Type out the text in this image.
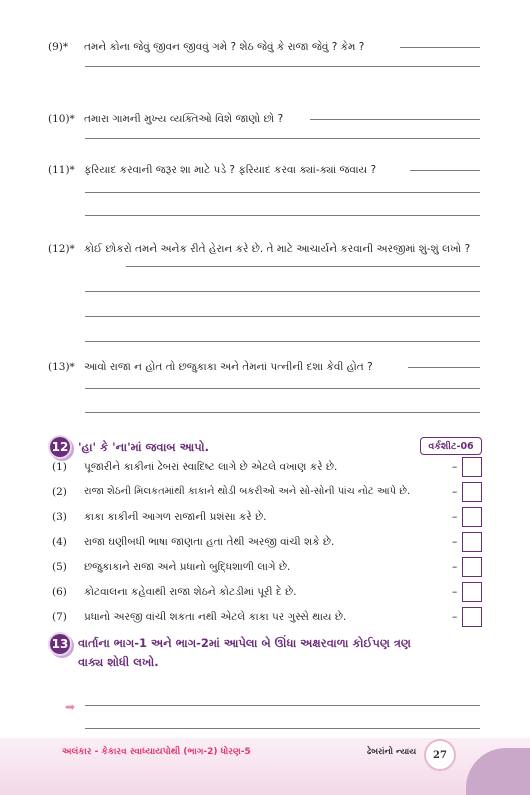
(9)* તમને કોના જેવું જીવન જીવવું ગમે ? શેઠ જેવું કે રાજા જેવું ? કેમ ?
(10)* તમારા ગામની મુખ્ય વ્યક્તિઓ વિશે જાણો છો ?
(11)* ફરિયાદ કરવાની જરૂર શા માટે પડે ? ફરિયાદ કરવા ક્યાં-ક્યાં જવાય ?
(12)* કોઈ છોકરો તમને અનેક રીતે હેરાન કરે છે. તે માટે આચાર્યને કરવાની અરજીમાં શું-શું લખો ?
(13)* આવો રાજા ન હોત તો છજુકાકા અને તેમનાં પત્નીની દશા કેવી હોત ?
12 'હા' કે 'ના'માં જવાબ આપો.	વર્કશીટ-06
(1) પૂજારીને કાકીનાં ઢેબરાં સ્વાદિષ્ટ લાગે છે એટલે વખાણ કરે છે.	–
(2) રાજા શેઠની મિલકતમાંથી કાકાને થોડી બકરીઓ અને સો-સોની પાંચ નોટ આપે છે.	–
(3) કાકા કાકીની આગળ રાજાની પ્રશંસા કરે છે.	–
(4) રાજા ઘણીબધી ભાષા જાણતા હતા તેથી અરજી વાંચી શકે છે.	–
(5) છજુકાકાને રાજા અને પ્રધાનો બુદ્ધિશાળી લાગે છે.	–
(6) કોટવાલના કહેવાથી રાજા શેઠને કોટડીમાં પૂરી દે છે.	–
(7) પ્રધાનો અરજી વાંચી શકતા નથી એટલે કાકા પર ગુસ્સે થાય છે.	–
13 વાર્તાના ભાગ-1 અને ભાગ-2માં આપેલા બે ઊંધા અક્ષરવાળા કોઈપણ ત્રણ
વાક્ય શોધી લખો.
➡
અલંકાર - કેકારવ સ્વાધ્યાયપોથી (ભાગ-2) ધોરણ-5	ઢેબરાંનો ન્યાય	27
